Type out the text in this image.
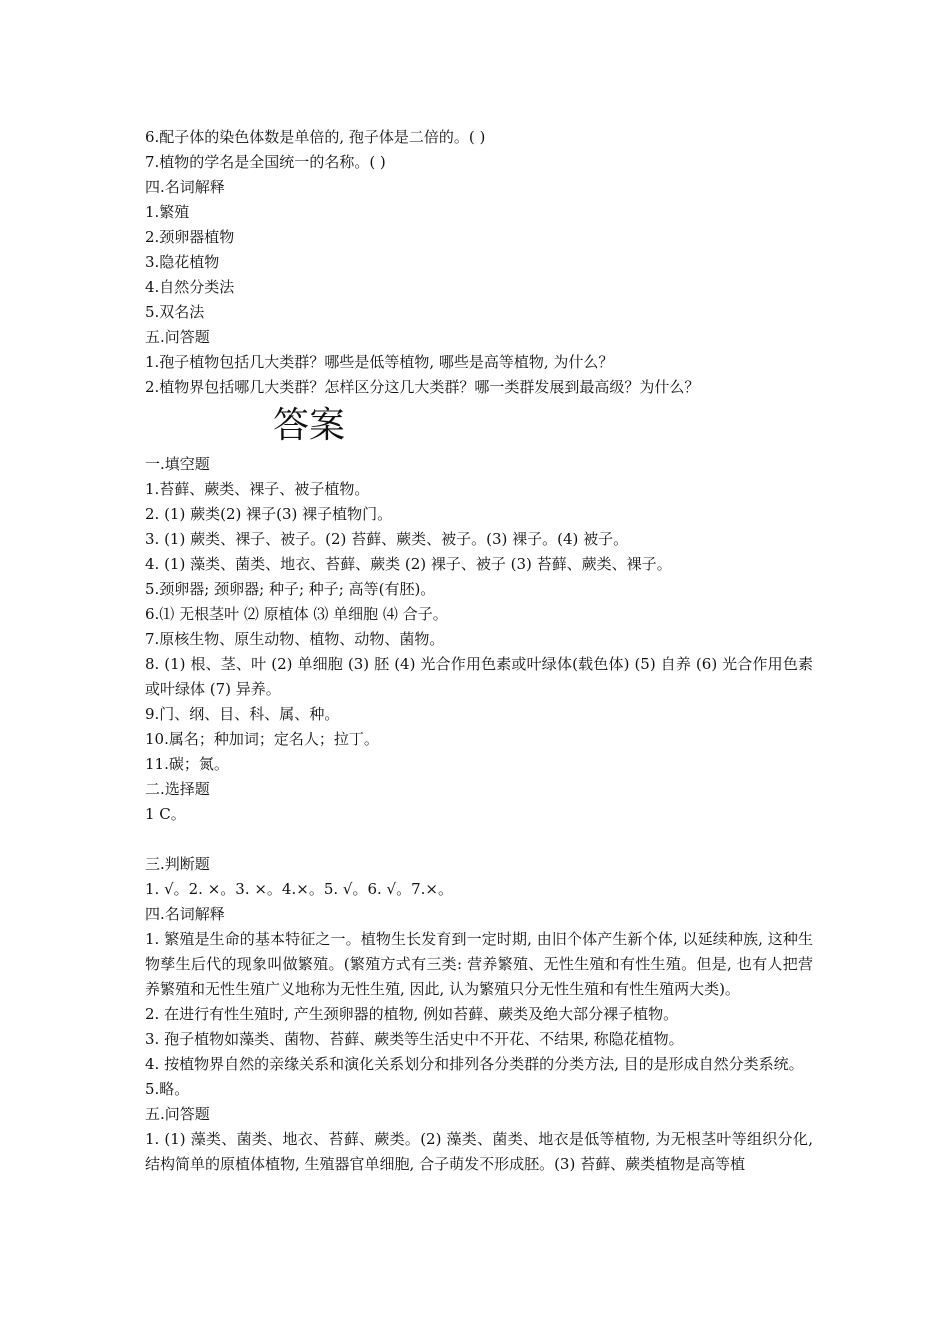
6.配子体的染色体数是单倍的, 孢子体是二倍的。( )
7.植物的学名是全国统一的名称。( )
四.名词解释
1.繁殖
2.颈卵器植物
3.隐花植物
4.自然分类法
5.双名法
五.问答题
1.孢子植物包括几大类群？哪些是低等植物, 哪些是高等植物, 为什么？
2.植物界包括哪几大类群？怎样区分这几大类群？哪一类群发展到最高级？为什么？
答案
一.填空题
1.苔藓、蕨类、裸子、被子植物。
2. (1) 蕨类(2) 裸子(3) 裸子植物门。
3. (1) 蕨类、裸子、被子。(2) 苔藓、蕨类、被子。(3) 裸子。(4) 被子。
4. (1) 藻类、菌类、地衣、苔藓、蕨类 (2) 裸子、被子 (3) 苔藓、蕨类、裸子。
5.颈卵器; 颈卵器; 种子; 种子; 高等(有胚)。
6.⑴ 无根茎叶 ⑵ 原植体 ⑶ 单细胞 ⑷ 合子。
7.原核生物、原生动物、植物、动物、菌物。
8. (1) 根、茎、叶 (2) 单细胞 (3) 胚 (4) 光合作用色素或叶绿体(载色体) (5) 自养 (6) 光合作用色素或叶绿体 (7) 异养。
9.门、纲、目、科、属、种。
10.属名；种加词；定名人；拉丁。
11.碳；氮。
二.选择题
1 C。
三.判断题
1. √。2. ×。3. ×。4.×。5. √。6. √。7.×。
四.名词解释
1. 繁殖是生命的基本特征之一。植物生长发育到一定时期, 由旧个体产生新个体, 以延续种族, 这种生物孳生后代的现象叫做繁殖。(繁殖方式有三类: 营养繁殖、无性生殖和有性生殖。但是, 也有人把营养繁殖和无性生殖广义地称为无性生殖, 因此, 认为繁殖只分无性生殖和有性生殖两大类)。
2. 在进行有性生殖时, 产生颈卵器的植物, 例如苔藓、蕨类及绝大部分裸子植物。
3. 孢子植物如藻类、菌物、苔藓、蕨类等生活史中不开花、不结果, 称隐花植物。
4. 按植物界自然的亲缘关系和演化关系划分和排列各分类群的分类方法, 目的是形成自然分类系统。
5.略。
五.问答题
1. (1) 藻类、菌类、地衣、苔藓、蕨类。(2) 藻类、菌类、地衣是低等植物, 为无根茎叶等组织分化, 结构简单的原植体植物, 生殖器官单细胞, 合子萌发不形成胚。(3) 苔藓、蕨类植物是高等植
